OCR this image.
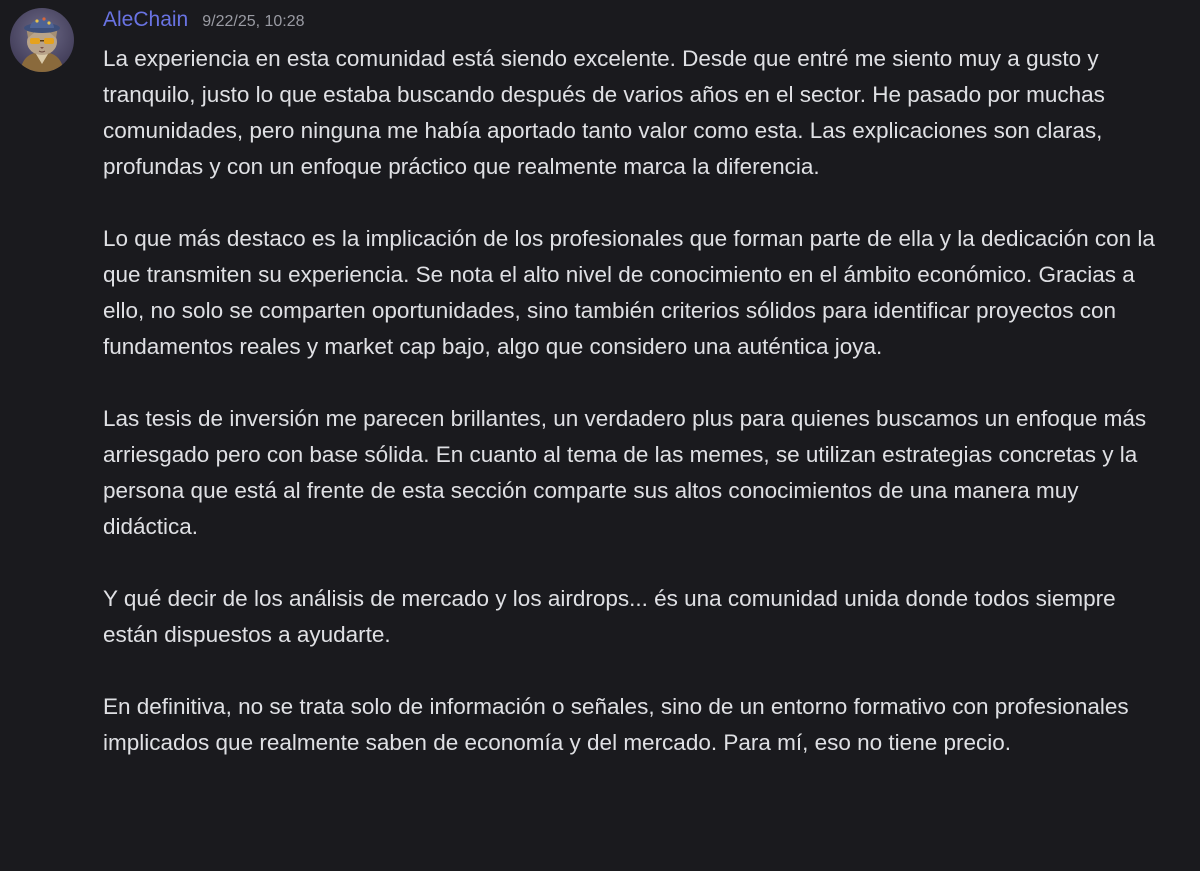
AleChain 9/22/25, 10:28

La experiencia en esta comunidad está siendo excelente. Desde que entré me siento muy a gusto y tranquilo, justo lo que estaba buscando después de varios años en el sector. He pasado por muchas comunidades, pero ninguna me había aportado tanto valor como esta. Las explicaciones son claras, profundas y con un enfoque práctico que realmente marca la diferencia.

Lo que más destaco es la implicación de los profesionales que forman parte de ella y la dedicación con la que transmiten su experiencia. Se nota el alto nivel de conocimiento en el ámbito económico. Gracias a ello, no solo se comparten oportunidades, sino también criterios sólidos para identificar proyectos con fundamentos reales y market cap bajo, algo que considero una auténtica joya.

Las tesis de inversión me parecen brillantes, un verdadero plus para quienes buscamos un enfoque más arriesgado pero con base sólida. En cuanto al tema de las memes, se utilizan estrategias concretas y la persona que está al frente de esta sección comparte sus altos conocimientos de una manera muy didáctica.

Y qué decir de los análisis de mercado y los airdrops... és una comunidad unida donde todos siempre están dispuestos a ayudarte.

En definitiva, no se trata solo de información o señales, sino de un entorno formativo con profesionales implicados que realmente saben de economía y del mercado. Para mí, eso no tiene precio.
